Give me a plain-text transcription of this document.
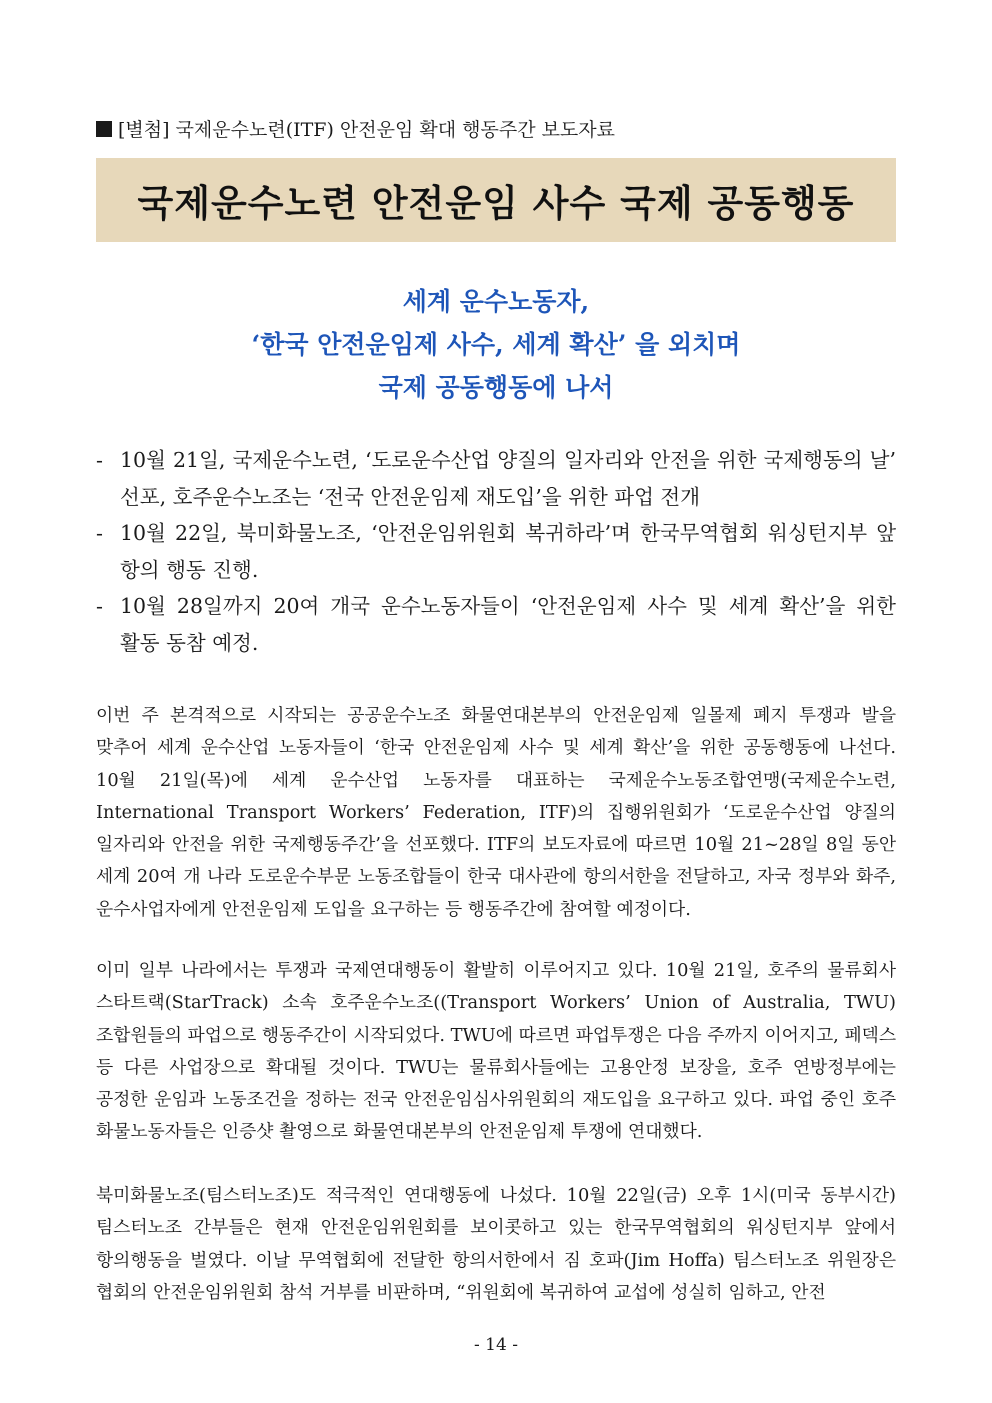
[별첨] 국제운수노련(ITF) 안전운임 확대 행동주간 보도자료
국제운수노련 안전운임 사수 국제 공동행동
세계 운수노동자,
‘한국 안전운임제 사수, 세계 확산’ 을 외치며
국제 공동행동에 나서
- 10월 21일, 국제운수노련, ‘도로운수산업 양질의 일자리와 안전을 위한 국제행동의 날’ 선포, 호주운수노조는 ‘전국 안전운임제 재도입’을 위한 파업 전개
- 10월 22일, 북미화물노조, ‘안전운임위원회 복귀하라’며 한국무역협회 워싱턴지부 앞 항의 행동 진행.
- 10월 28일까지 20여 개국 운수노동자들이 ‘안전운임제 사수 및 세계 확산’을 위한 활동 동참 예정.

이번 주 본격적으로 시작되는 공공운수노조 화물연대본부의 안전운임제 일몰제 폐지 투쟁과 발을 맞추어 세계 운수산업 노동자들이 ‘한국 안전운임제 사수 및 세계 확산’을 위한 공동행동에 나선다. 10월 21일(목)에 세계 운수산업 노동자를 대표하는 국제운수노동조합연맹(국제운수노련, International Transport Workers’ Federation, ITF)의 집행위원회가 ‘도로운수산업 양질의 일자리와 안전을 위한 국제행동주간’을 선포했다. ITF의 보도자료에 따르면 10월 21~28일 8일 동안 세계 20여 개 나라 도로운수부문 노동조합들이 한국 대사관에 항의서한을 전달하고, 자국 정부와 화주, 운수사업자에게 안전운임제 도입을 요구하는 등 행동주간에 참여할 예정이다.

이미 일부 나라에서는 투쟁과 국제연대행동이 활발히 이루어지고 있다. 10월 21일, 호주의 물류회사 스타트랙(StarTrack) 소속 호주운수노조((Transport Workers’ Union of Australia, TWU) 조합원들의 파업으로 행동주간이 시작되었다. TWU에 따르면 파업투쟁은 다음 주까지 이어지고, 페덱스 등 다른 사업장으로 확대될 것이다. TWU는 물류회사들에는 고용안정 보장을, 호주 연방정부에는 공정한 운임과 노동조건을 정하는 전국 안전운임심사위원회의 재도입을 요구하고 있다. 파업 중인 호주 화물노동자들은 인증샷 촬영으로 화물연대본부의 안전운임제 투쟁에 연대했다.

북미화물노조(팀스터노조)도 적극적인 연대행동에 나섰다. 10월 22일(금) 오후 1시(미국 동부시간) 팀스터노조 간부들은 현재 안전운임위원회를 보이콧하고 있는 한국무역협회의 워싱턴지부 앞에서 항의행동을 벌였다. 이날 무역협회에 전달한 항의서한에서 짐 호파(Jim Hoffa) 팀스터노조 위원장은 협회의 안전운임위원회 참석 거부를 비판하며, “위원회에 복귀하여 교섭에 성실히 임하고, 안전

- 14 -
